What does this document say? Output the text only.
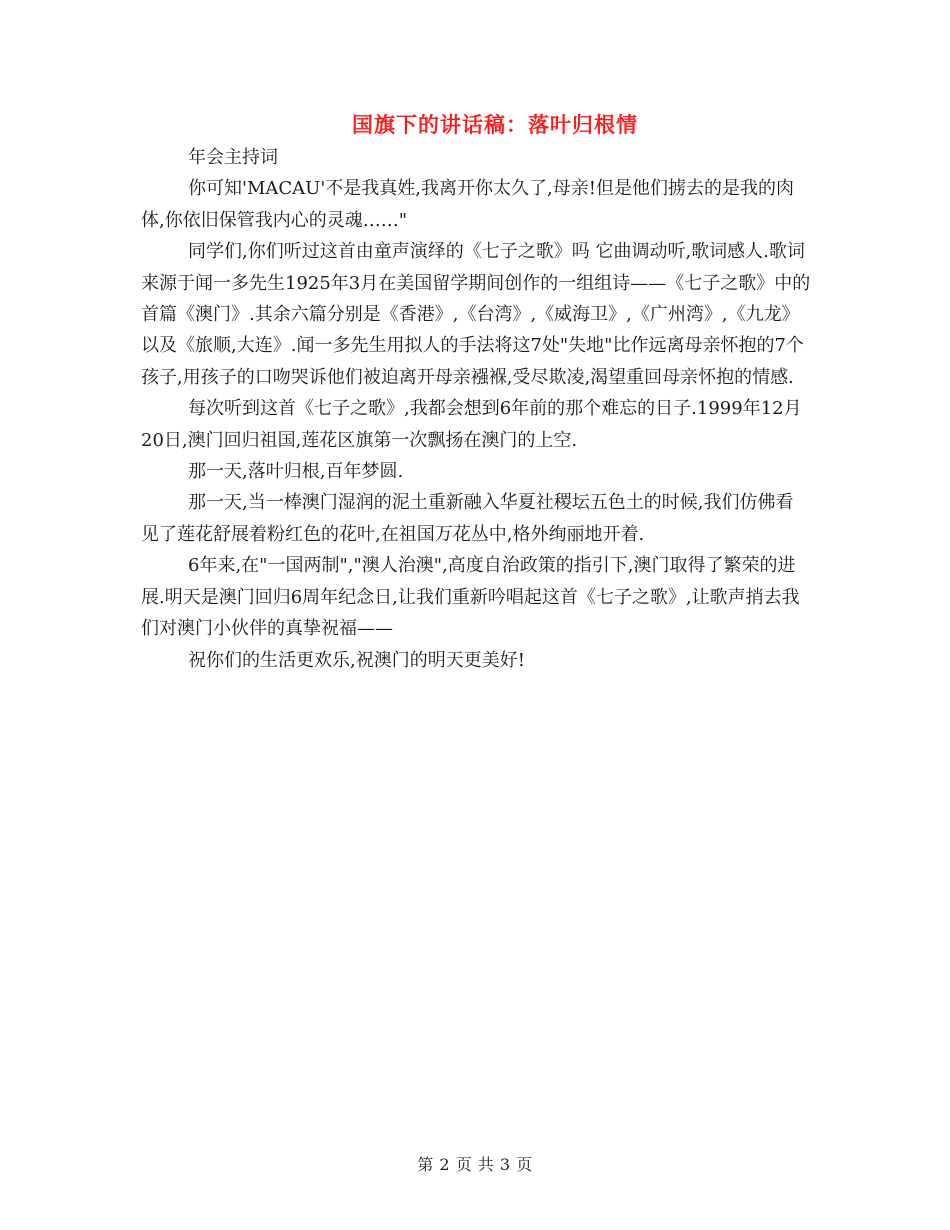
国旗下的讲话稿：落叶归根情

年会主持词

你可知'MACAU'不是我真姓,我离开你太久了,母亲!但是他们掳去的是我的肉体,你依旧保管我内心的灵魂……"

同学们,你们听过这首由童声演绎的《七子之歌》吗 它曲调动听,歌词感人.歌词来源于闻一多先生1925年3月在美国留学期间创作的一组组诗——《七子之歌》中的首篇《澳门》.其余六篇分别是《香港》,《台湾》,《威海卫》,《广州湾》,《九龙》以及《旅顺,大连》.闻一多先生用拟人的手法将这7处"失地"比作远离母亲怀抱的7个孩子,用孩子的口吻哭诉他们被迫离开母亲襁褓,受尽欺凌,渴望重回母亲怀抱的情感.

每次听到这首《七子之歌》,我都会想到6年前的那个难忘的日子.1999年12月20日,澳门回归祖国,莲花区旗第一次飘扬在澳门的上空.

那一天,落叶归根,百年梦圆.

那一天,当一棒澳门湿润的泥土重新融入华夏社稷坛五色土的时候,我们仿佛看见了莲花舒展着粉红色的花叶,在祖国万花丛中,格外绚丽地开着.

6年来,在"一国两制","澳人治澳",高度自治政策的指引下,澳门取得了繁荣的进展.明天是澳门回归6周年纪念日,让我们重新吟唱起这首《七子之歌》,让歌声捎去我们对澳门小伙伴的真挚祝福——

祝你们的生活更欢乐,祝澳门的明天更美好!

第 2 页 共 3 页
